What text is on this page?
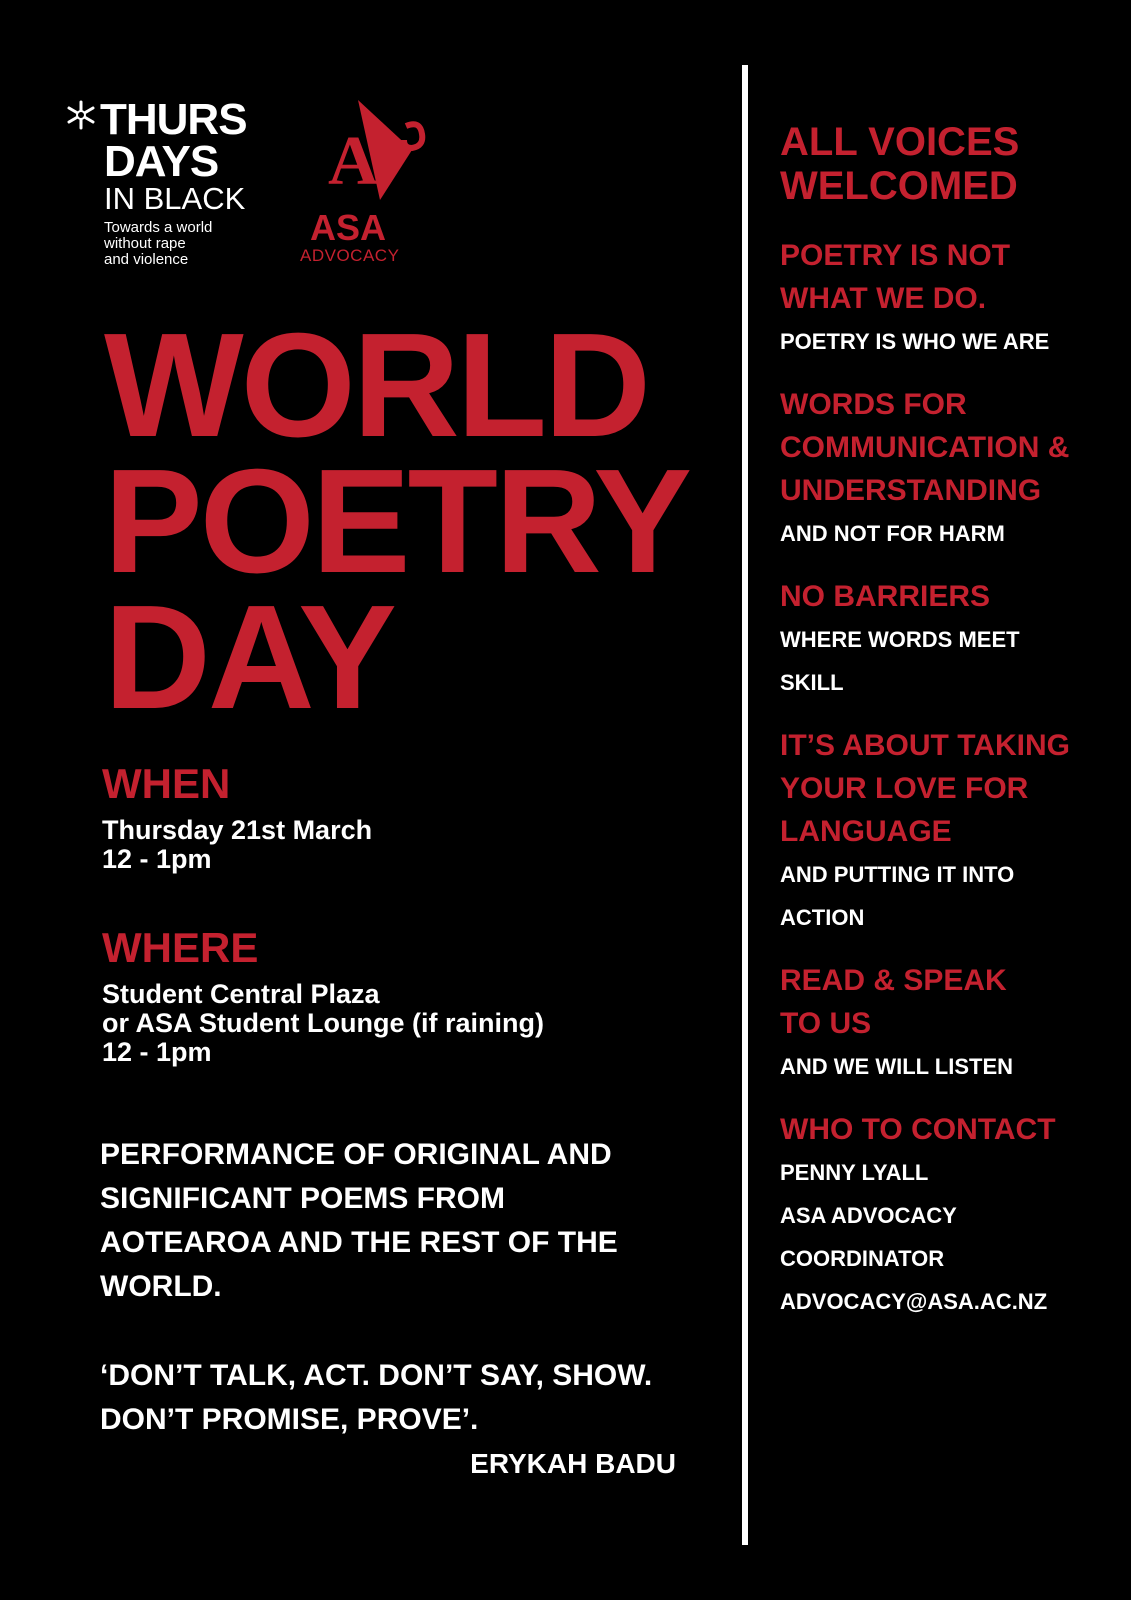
THURS
DAYS
IN BLACK
Towards a world
without rape
and violence
A
ASA
ADVOCACY
WORLD
POETRY
DAY
WHEN
Thursday 21st March
12 - 1pm
WHERE
Student Central Plaza
or ASA Student Lounge (if raining)
12 - 1pm
PERFORMANCE OF ORIGINAL AND
SIGNIFICANT POEMS FROM
AOTEAROA AND THE REST OF THE
WORLD.
‘DON’T TALK, ACT. DON’T SAY, SHOW.
DON’T PROMISE, PROVE’.
ERYKAH BADU
ALL VOICES
WELCOMED
POETRY IS NOT
WHAT WE DO.
POETRY IS WHO WE ARE
WORDS FOR
COMMUNICATION &
UNDERSTANDING
AND NOT FOR HARM
NO BARRIERS
WHERE WORDS MEET
SKILL
IT’S ABOUT TAKING
YOUR LOVE FOR
LANGUAGE
AND PUTTING IT INTO
ACTION
READ & SPEAK
TO US
AND WE WILL LISTEN
WHO TO CONTACT
PENNY LYALL
ASA ADVOCACY
COORDINATOR
ADVOCACY@ASA.AC.NZ
